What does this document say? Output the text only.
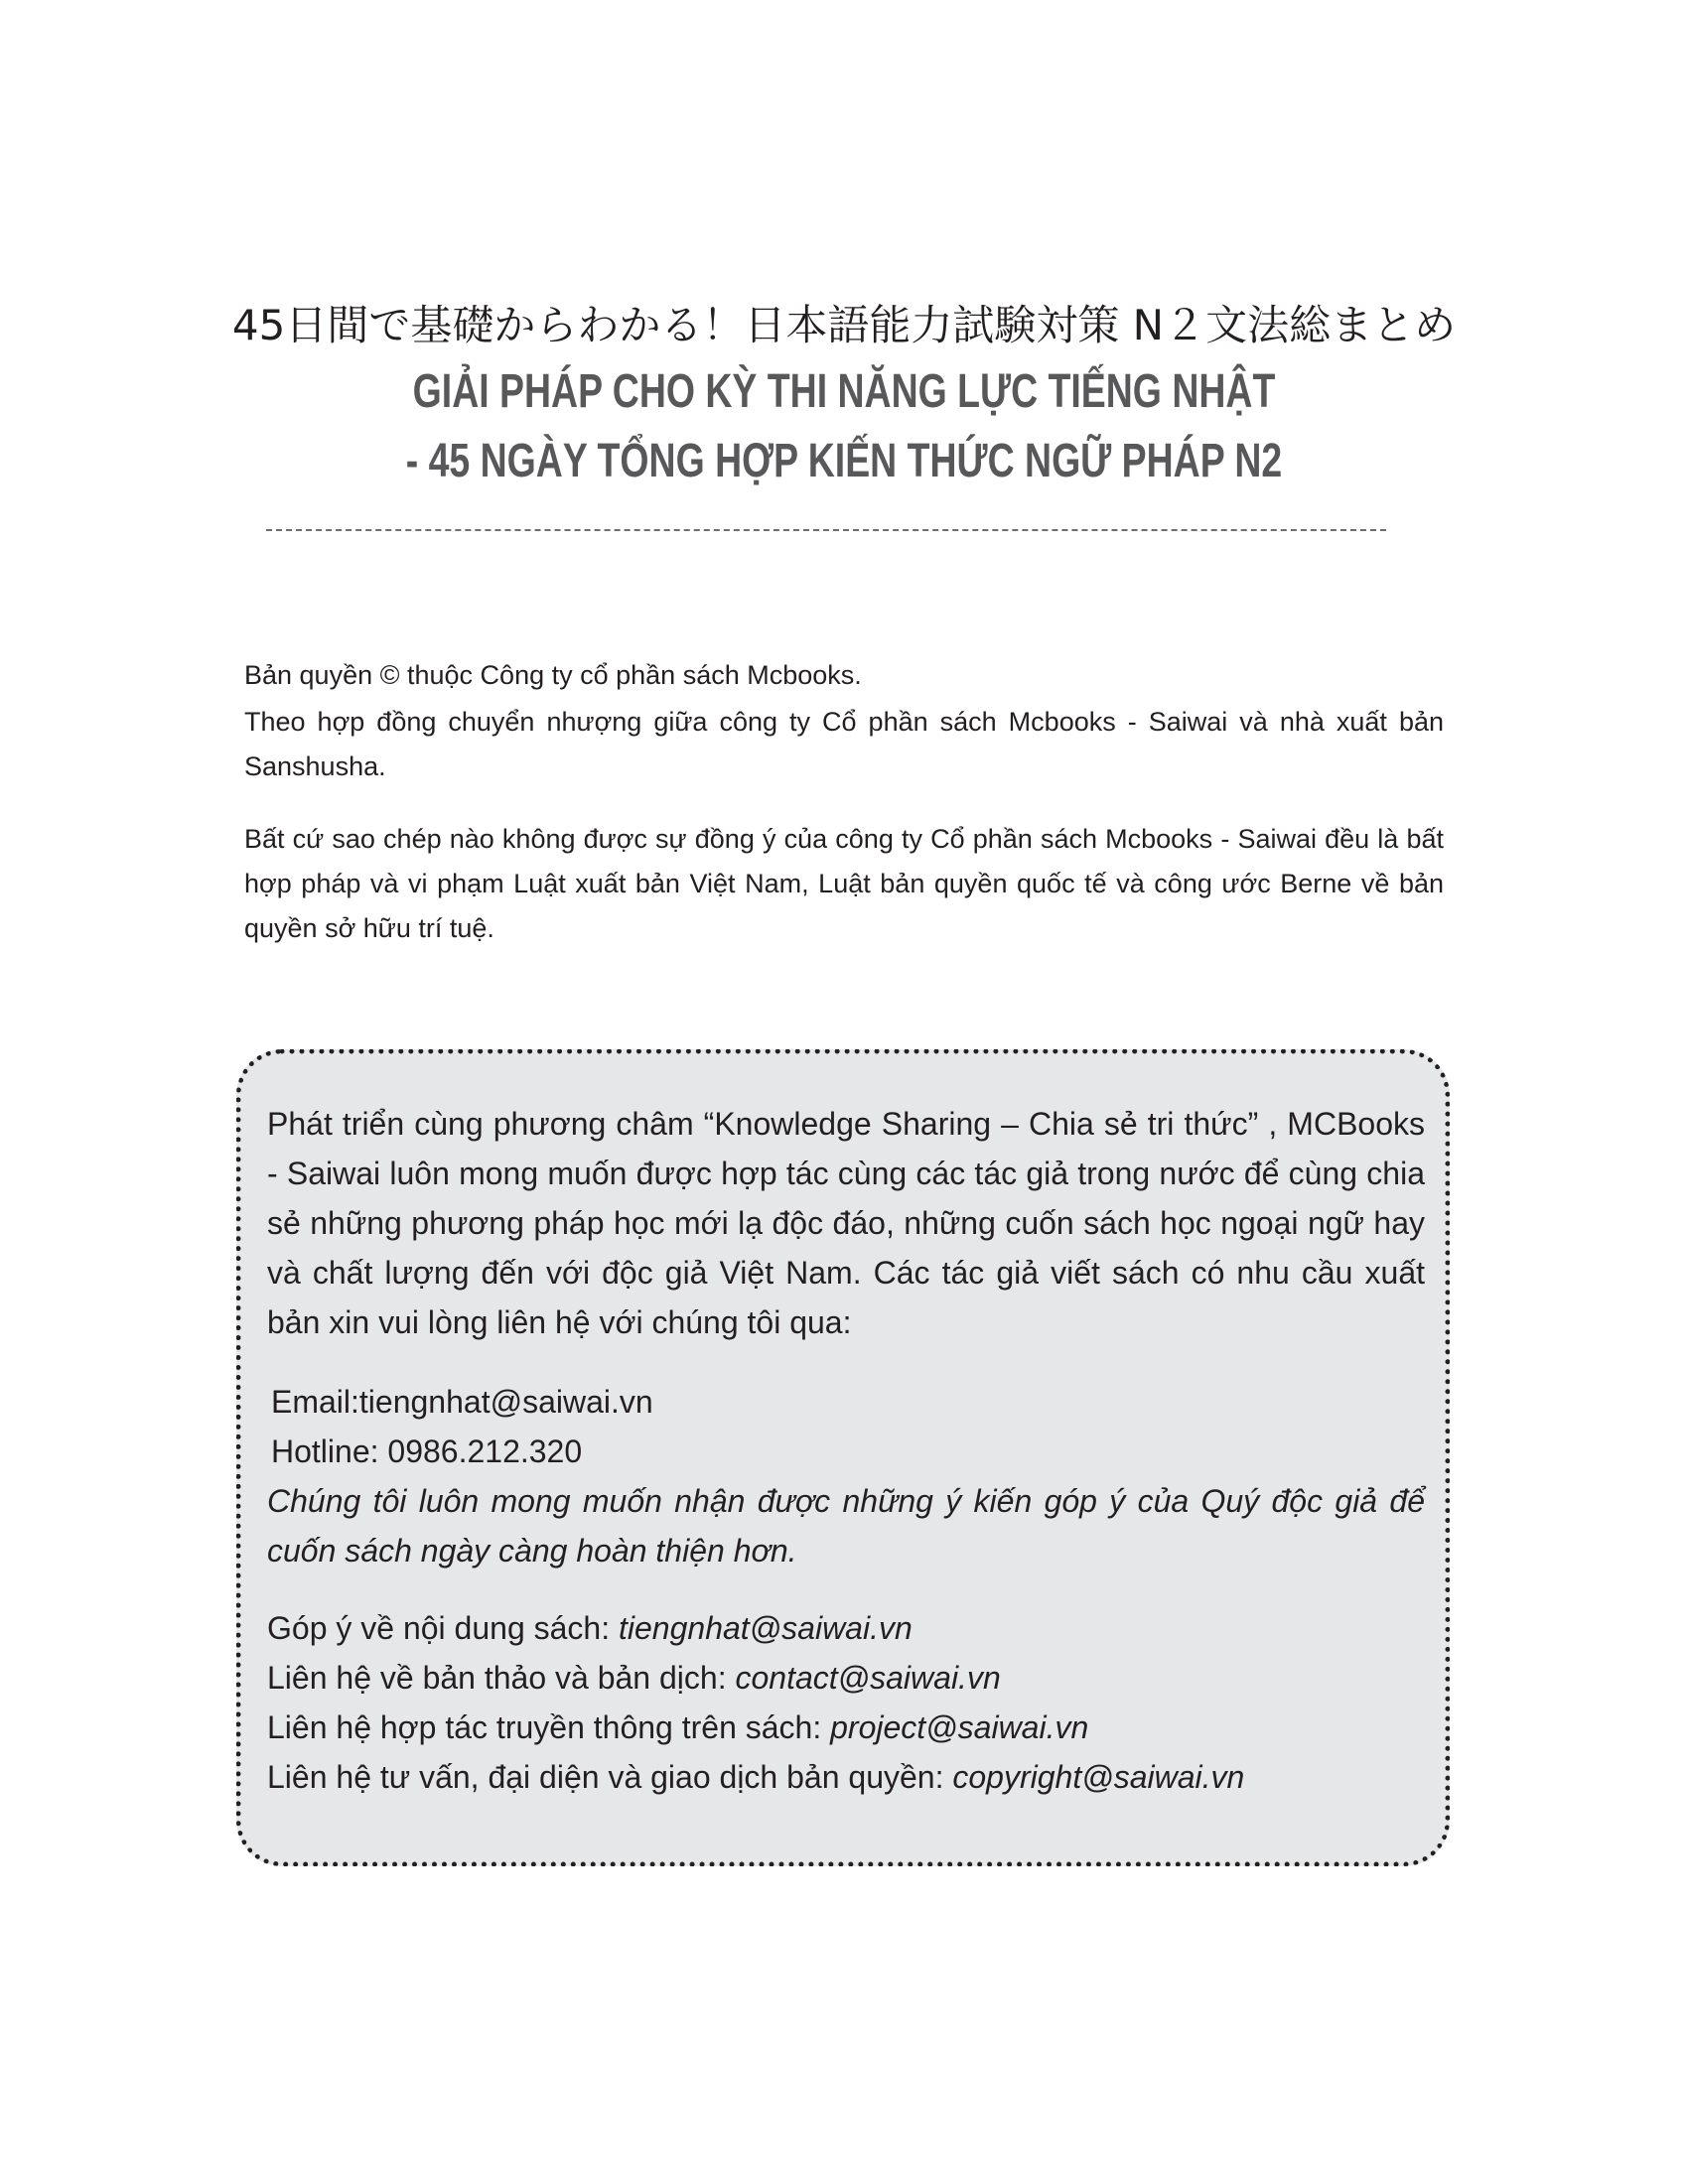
45日間で基礎からわかる！日本語能力試験対策 N２文法総まとめ
GIẢI PHÁP CHO KỲ THI NĂNG LỰC TIẾNG NHẬT
- 45 NGÀY TỔNG HỢP KIẾN THỨC NGỮ PHÁP N2

Bản quyền © thuộc Công ty cổ phần sách Mcbooks.

Theo hợp đồng chuyển nhượng giữa công ty Cổ phần sách Mcbooks - Saiwai và nhà xuất bản Sanshusha.

Bất cứ sao chép nào không được sự đồng ý của công ty Cổ phần sách Mcbooks - Saiwai đều là bất hợp pháp và vi phạm Luật xuất bản Việt Nam, Luật bản quyền quốc tế và công ước Berne về bản quyền sở hữu trí tuệ.

Phát triển cùng phương châm “Knowledge Sharing – Chia sẻ tri thức” , MCBooks - Saiwai luôn mong muốn được hợp tác cùng các tác giả trong nước để cùng chia sẻ những phương pháp học mới lạ độc đáo, những cuốn sách học ngoại ngữ hay và chất lượng đến với độc giả Việt Nam. Các tác giả viết sách có nhu cầu xuất bản xin vui lòng liên hệ với chúng tôi qua:

Email:tiengnhat@saiwai.vn
Hotline: 0986.212.320
Chúng tôi luôn mong muốn nhận được những ý kiến góp ý của Quý độc giả để cuốn sách ngày càng hoàn thiện hơn.
Góp ý về nội dung sách: tiengnhat@saiwai.vn
Liên hệ về bản thảo và bản dịch: contact@saiwai.vn
Liên hệ hợp tác truyền thông trên sách: project@saiwai.vn
Liên hệ tư vấn, đại diện và giao dịch bản quyền: copyright@saiwai.vn
